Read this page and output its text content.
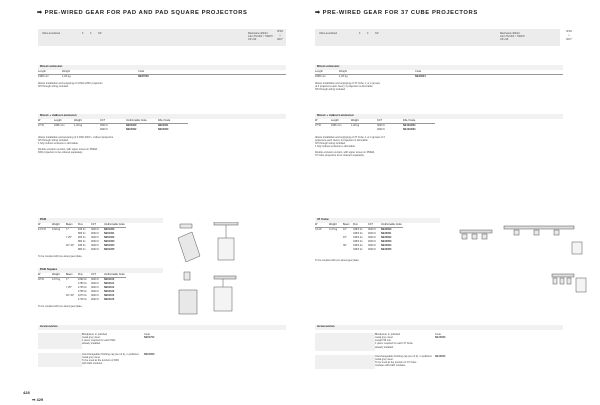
➡ PRE-WIRED GEAR FOR PAD AND PAD SQUARE PROJECTORS
Ultra anodized	Σ F NP	Max/mains 400/24
Life LTS/13/0 > 7000/H
CR +90
IP40
⏚
400°
Direct emission
Length	Weight	Code
1996 mm	1,20 kg	NE07000
Allows installation and supplying of 4 PAD 230V projectors
NH through wiring included.
Direct + indirect emission
W	Length	Weight	CCT	Undimmable Code	DALI Code
27 W	1996 mm	1,20 kg	3000 K	NE04000	NE04001
			4000 K	NE04002	NE04003
Allows installation and powering of 4 PAD 230V + indirect projectors.
NH through wiring included.
1 fully indirect emission is dimmable.
Double emission version, with upper screen in PMMA.
PAD projectors to be ordered separately.
PAD
W	Weight	Beam	Flux	CCT	Undimmable Code
14,5 W	0,62 kg	3 °	815 lm	3000 K	NE01000
			865 lm	4000 K	NE01001
		7,25°	825 lm	3000 K	NE01002
			860 lm	4000 K	NE01003
		40°-30°	845 lm	3000 K	NE01004
			880 lm	4000 K	NE01005
To be coupled with pre-wired gear plate.
PAD Square
W	Weight	Beam	Flux	CCT	Undimmable Code
18 W	0,67 kg	3 °	1690 lm	3000 K	NE01100
			1780 lm	4000 K	NE01101
		7,25°	1735 lm	3000 K	NE01102
			1765 lm	4000 K	NE01103
		40°-30°	1670 lm	3000 K	NE01104
			1715 lm	4000 K	NE01105
To be coupled with pre-wired gear plate.
Accessories
Blindpanel, in polished
metal grey steel.
1 piece required for each PAD
already installed.
Code
NE01702
Interchangeable finishing cap (set of 2), in polished
metal grey steel.
To be used at the junction of PAD
with LED modules.
NE01803
428
➡ PRE-WIRED GEAR FOR 37 CUBE PROJECTORS
Ultra anodized	Σ F NP	Max/mains 400/24
Life LTS/13/0 > 7000/H
CR +90
IP20
⏚
400°
Direct emission
Length	Weight	Code
1996 mm	1,20 kg	NE10001
Allows installation and supplying of 37 Cube, 1 or 2 groups
of 3 projectors each. Every 3 projectors is dimmable.
NH through wiring included.
Direct + indirect emission
W	Length	Weight	CCT	DALI Code
27 W	1996 mm	1,20 kg	3000 K	NE10AR01
			4000 K	NE10AR01
Allows installation and supplying of 37 Cube, 1 or 2 groups of 3
projectors each. Every 3 projectors is dimmable.
NH through wiring included.
1 fully indirect emission is dimmable.
Double emission version, with upper screen in PMMA.
37 Cube projectors to be ordered separately.
37 Cube
W	Weight	Beam	Flux	CCT	Undimmable Code
3,6 W	0,47 kg	10°	345/3 lm	3000 K	NE20000
			345/3 lm	4000 K	NE20001
		16°	345/3 lm	3000 K	NE20002
			345/3 lm	4000 K	NE20003
		36°	345/3 lm	3000 K	NE20004
			345/3 lm	4000 K	NE20005
To be coupled with pre-wired gear plate.
Accessories
Blindpanel, in polished
metal grey steel.
Length 59 mm.
1 piece required for each 37 Cube
already installed.
Code
NE10003
Interchangeable finishing cap (set of 2), in polished
metal grey steel.
To be used at the junction of 37 Cube
modules with LED modules.
NE10004
➡ 429
